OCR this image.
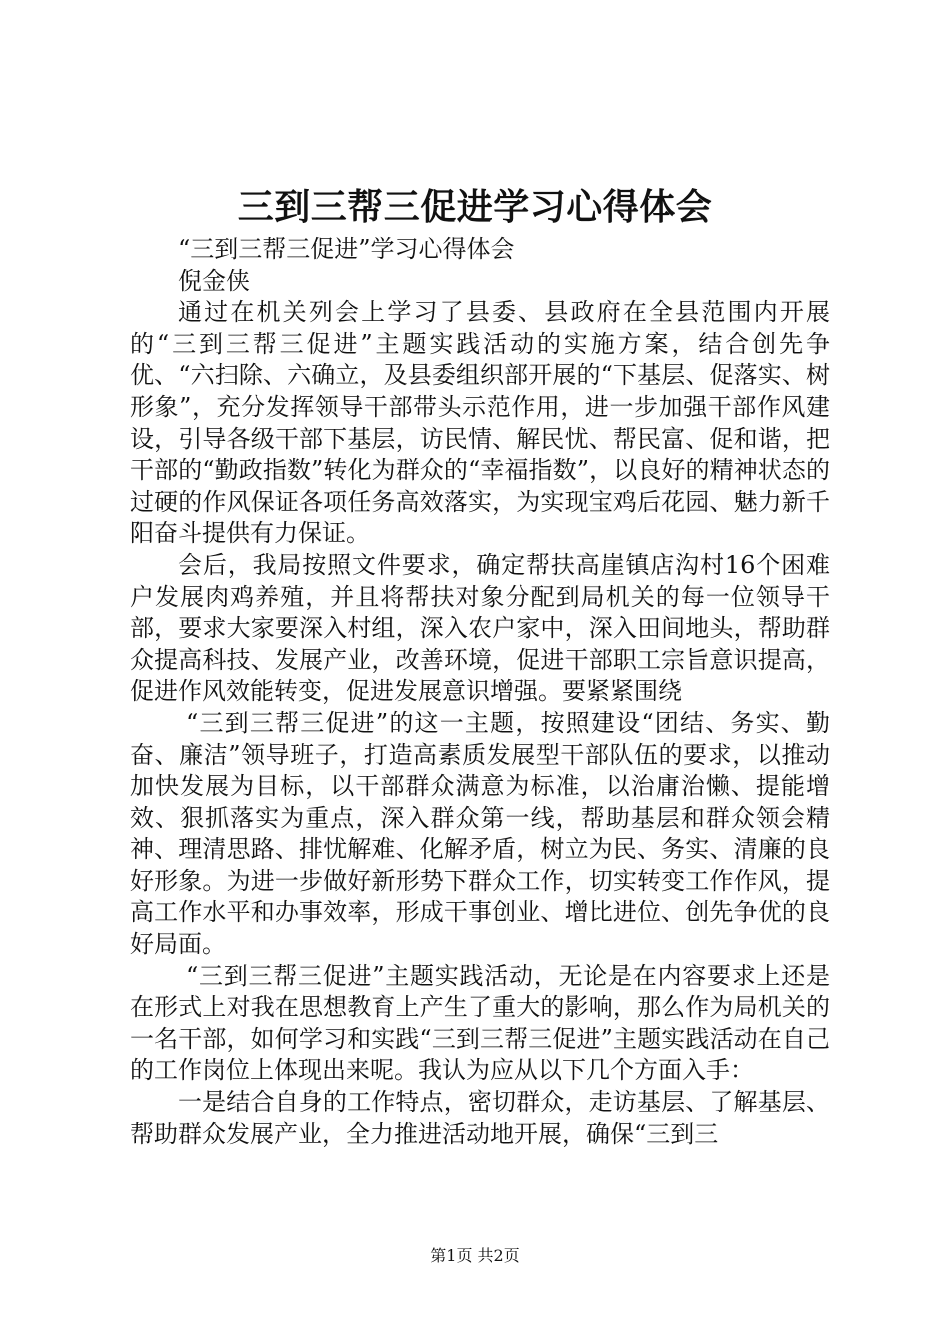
三到三帮三促进学习心得体会

“三到三帮三促进”学习心得体会

倪金侠

通过在机关列会上学习了县委、县政府在全县范围内开展的“三到三帮三促进”主题实践活动的实施方案，结合创先争优、“六扫除、六确立，及县委组织部开展的“下基层、促落实、树形象”，充分发挥领导干部带头示范作用，进一步加强干部作风建设，引导各级干部下基层，访民情、解民忧、帮民富、促和谐，把干部的“勤政指数”转化为群众的“幸福指数”，以良好的精神状态的过硬的作风保证各项任务高效落实，为实现宝鸡后花园、魅力新千阳奋斗提供有力保证。

会后，我局按照文件要求，确定帮扶高崖镇店沟村16个困难户发展肉鸡养殖，并且将帮扶对象分配到局机关的每一位领导干部，要求大家要深入村组，深入农户家中，深入田间地头，帮助群众提高科技、发展产业，改善环境，促进干部职工宗旨意识提高，促进作风效能转变，促进发展意识增强。要紧紧围绕

“三到三帮三促进”的这一主题，按照建设“团结、务实、勤奋、廉洁”领导班子，打造高素质发展型干部队伍的要求，以推动加快发展为目标，以干部群众满意为标准，以治庸治懒、提能增效、狠抓落实为重点，深入群众第一线，帮助基层和群众领会精神、理清思路、排忧解难、化解矛盾，树立为民、务实、清廉的良好形象。为进一步做好新形势下群众工作，切实转变工作作风，提高工作水平和办事效率，形成干事创业、增比进位、创先争优的良好局面。

“三到三帮三促进”主题实践活动，无论是在内容要求上还是在形式上对我在思想教育上产生了重大的影响，那么作为局机关的一名干部，如何学习和实践“三到三帮三促进”主题实践活动在自己的工作岗位上体现出来呢。我认为应从以下几个方面入手：

一是结合自身的工作特点，密切群众，走访基层、了解基层、帮助群众发展产业，全力推进活动地开展，确保“三到三

第1页 共2页
